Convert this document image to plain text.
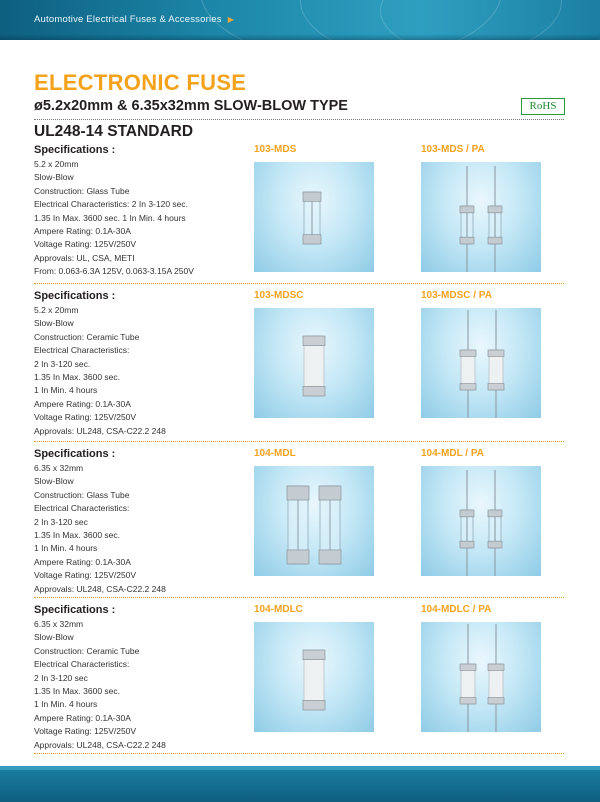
Automotive Electrical Fuses & Accessories ▶
ELECTRONIC FUSE
ø5.2x20mm & 6.35x32mm SLOW-BLOW TYPE	RoHS
UL248-14 STANDARD
Specifications :
5.2 x 20mm
Slow-Blow
Construction: Glass Tube
Electrical Characteristics: 2 In 3-120 sec.
1.35 In Max. 3600 sec. 1 In Min. 4 hours
Ampere Rating: 0.1A-30A
Voltage Rating: 125V/250V
Approvals: UL, CSA, METI
From: 0.063-6.3A 125V, 0.063-3.15A 250V
103-MDS	103-MDS / PA
Specifications :
5.2 x 20mm
Slow-Blow
Construction: Ceramic Tube
Electrical Characteristics:
2 In 3-120 sec.
1.35 In Max. 3600 sec.
1 In Min. 4 hours
Ampere Rating: 0.1A-30A
Voltage Rating: 125V/250V
Approvals: UL248, CSA-C22.2 248
103-MDSC	103-MDSC / PA
Specifications :
6.35 x 32mm
Slow-Blow
Construction: Glass Tube
Electrical Characteristics:
2 In 3-120 sec
1.35 In Max. 3600 sec.
1 In Min. 4 hours
Ampere Rating: 0.1A-30A
Voltage Rating: 125V/250V
Approvals: UL248, CSA-C22.2 248
104-MDL	104-MDL / PA
Specifications :
6.35 x 32mm
Slow-Blow
Construction: Ceramic Tube
Electrical Characteristics:
2 In 3-120 sec
1.35 In Max. 3600 sec.
1 In Min. 4 hours
Ampere Rating: 0.1A-30A
Voltage Rating: 125V/250V
Approvals: UL248, CSA-C22.2 248
104-MDLC	104-MDLC / PA
